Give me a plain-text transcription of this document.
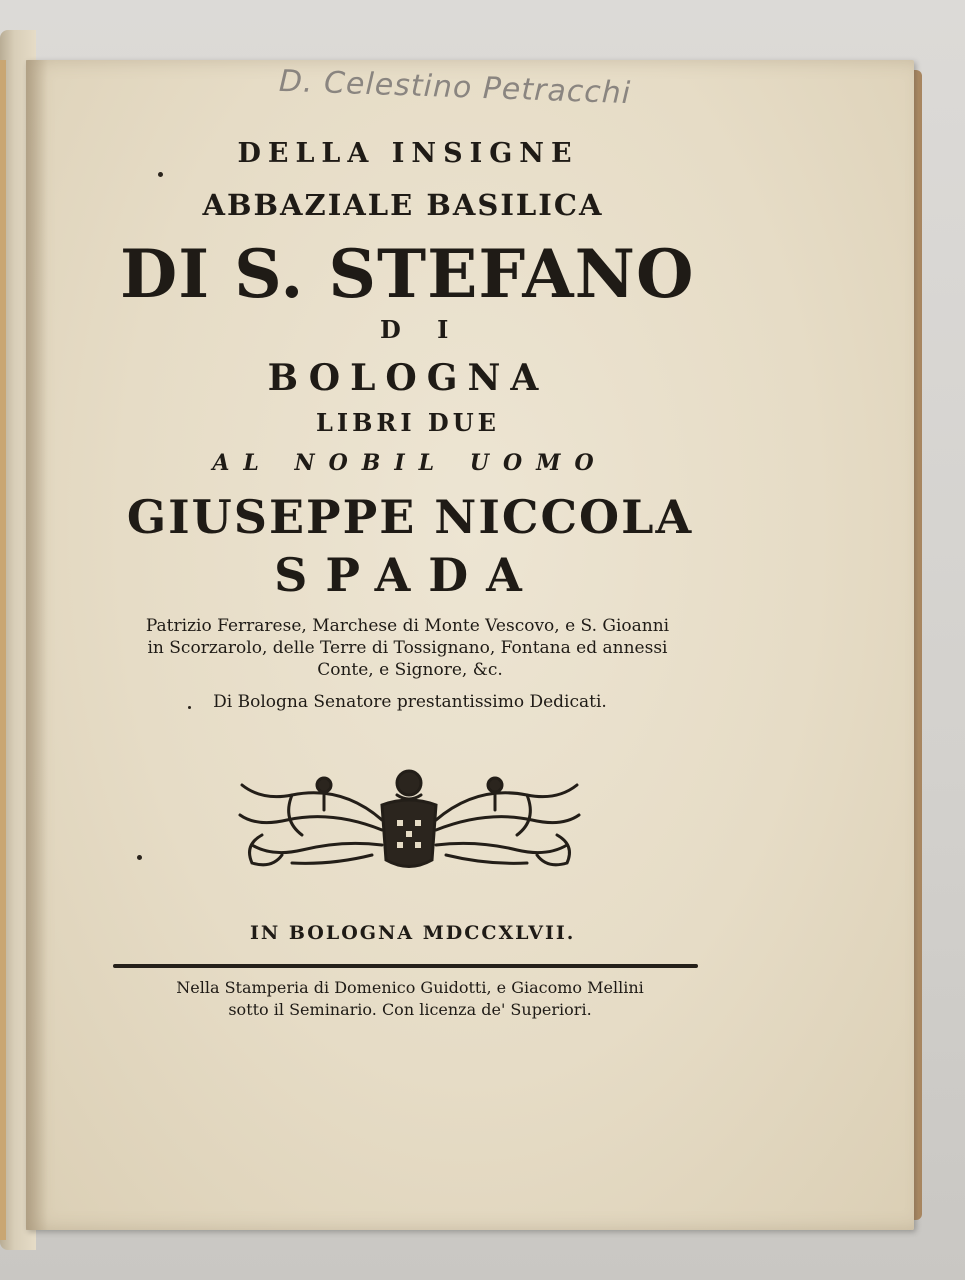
D. Celestino Petracchi
DELLA INSIGNE
ABBAZIALE BASILICA
DI S. STEFANO
D I
BOLOGNA
LIBRI DUE
AL NOBIL UOMO
GIUSEPPE NICCOLA
SPADA
Patrizio Ferrarese, Marchese di Monte Vescovo, e S. Gioanni
in Scorzarolo, delle Terre di Tossignano, Fontana ed annessi
Conte, e Signore, &c.
Di Bologna Senatore prestantissimo Dedicati.
IN BOLOGNA MDCCXLVII.
Nella Stamperia di Domenico Guidotti, e Giacomo Mellini
sotto il Seminario. Con licenza de' Superiori.
